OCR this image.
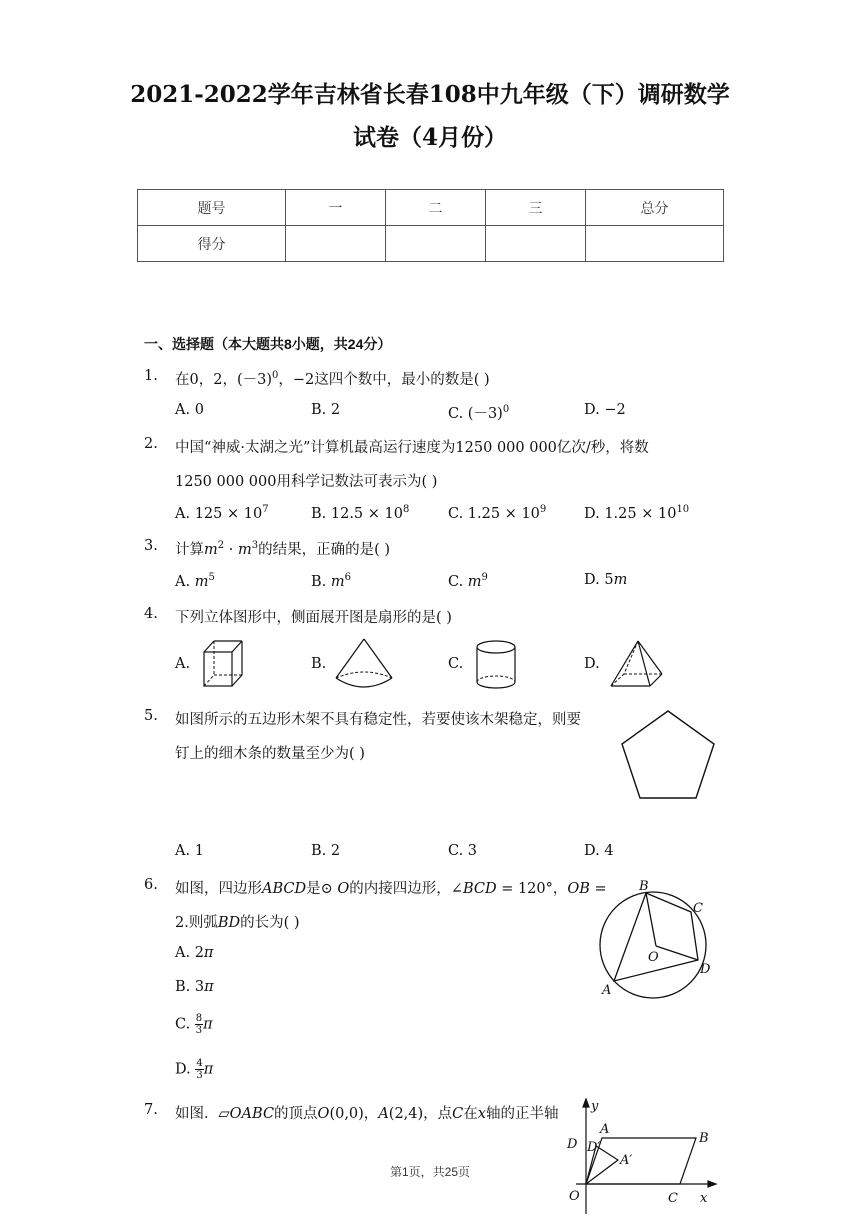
2021-2022学年吉林省长春108中九年级（下）调研数学
试卷（4月份）
题号	一	二	三	总分
得分				
一、选择题（本大题共8小题，共24分）
1. 在0，2，$(-3)^0$，−2这四个数中，最小的数是( )
A. 0	B. 2	C. $(-3)^0$	D. −2
2. 中国“神威·太湖之光”计算机最高运行速度为1250 000 000亿次/秒，将数
1250 000 000用科学记数法可表示为( )
A. $125 \times 10^7$	B. $12.5 \times 10^8$	C. $1.25 \times 10^9$	D. $1.25 \times 10^{10}$
3. 计算$m^2 \cdot m^3$的结果，正确的是( )
A. $m^5$	B. $m^6$	C. $m^9$	D. 5m
4. 下列立体图形中，侧面展开图是扇形的是( )
A.	B.	C.	D.
5. 如图所示的五边形木架不具有稳定性，若要使该木架稳定，则要
钉上的细木条的数量至少为( )
A. 1	B. 2	C. 3	D. 4
6. 如图，四边形ABCD是⊙ O的内接四边形，∠BCD = 120°，OB =
2.则弧BD的长为( )
A. 2π
B. 3π
C. $\frac{8}{3}$ π
D. $\frac{4}{3}$ π
B
C
O
D
A
7. 如图．▱OABC的顶点O(0,0)，A(2,4)，点C在x轴的正半轴	y
D D′
A
A′
B
O	C x
第1页，共25页
